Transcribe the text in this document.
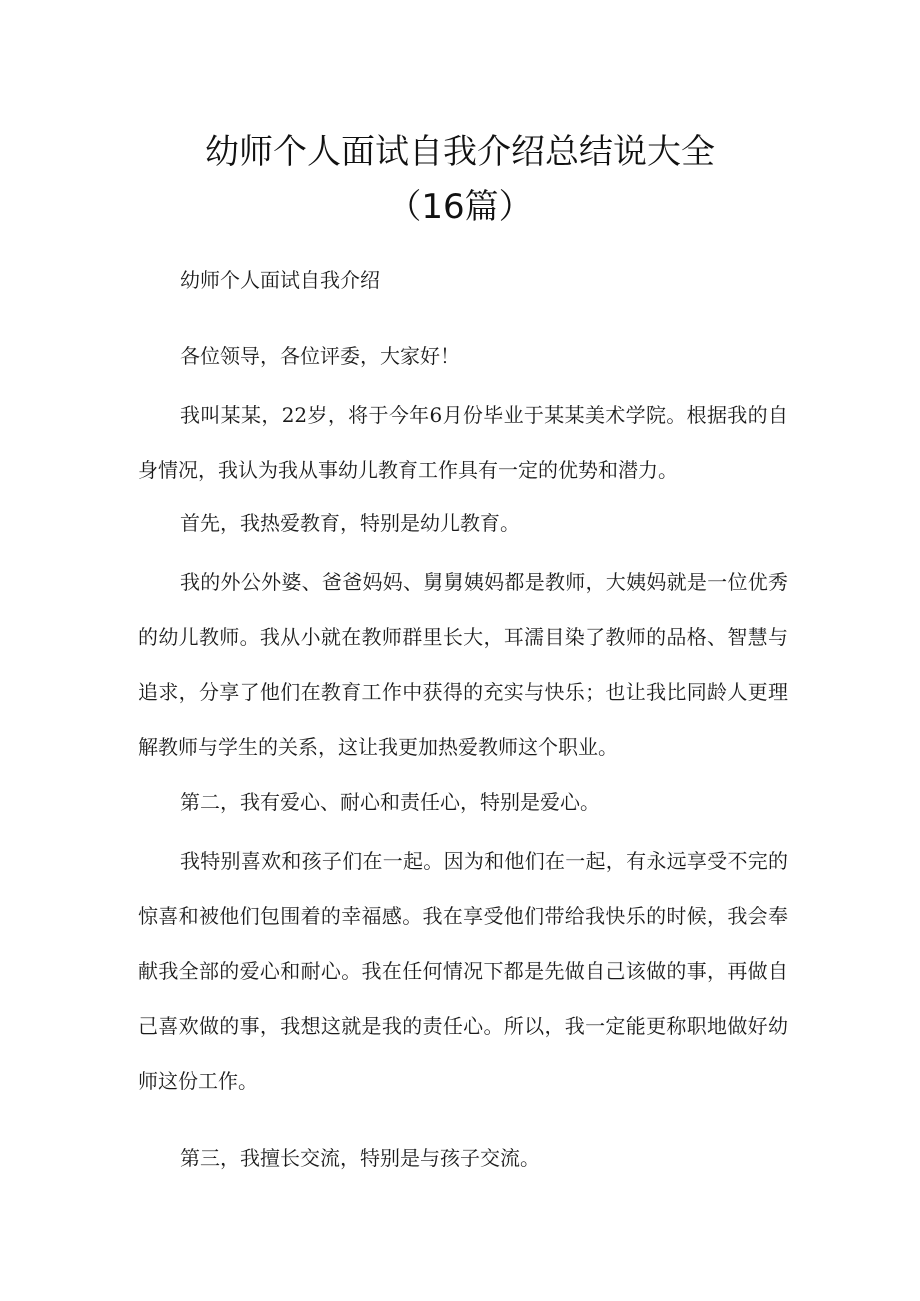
幼师个人面试自我介绍总结说大全
（16篇）

幼师个人面试自我介绍

各位领导，各位评委，大家好！

我叫某某，22岁，将于今年6月份毕业于某某美术学院。根据我的自身情况，我认为我从事幼儿教育工作具有一定的优势和潜力。

首先，我热爱教育，特别是幼儿教育。

我的外公外婆、爸爸妈妈、舅舅姨妈都是教师，大姨妈就是一位优秀的幼儿教师。我从小就在教师群里长大，耳濡目染了教师的品格、智慧与追求，分享了他们在教育工作中获得的充实与快乐；也让我比同龄人更理解教师与学生的关系，这让我更加热爱教师这个职业。

第二，我有爱心、耐心和责任心，特别是爱心。

我特别喜欢和孩子们在一起。因为和他们在一起，有永远享受不完的惊喜和被他们包围着的幸福感。我在享受他们带给我快乐的时候，我会奉献我全部的爱心和耐心。我在任何情况下都是先做自己该做的事，再做自己喜欢做的事，我想这就是我的责任心。所以，我一定能更称职地做好幼师这份工作。

第三，我擅长交流，特别是与孩子交流。
